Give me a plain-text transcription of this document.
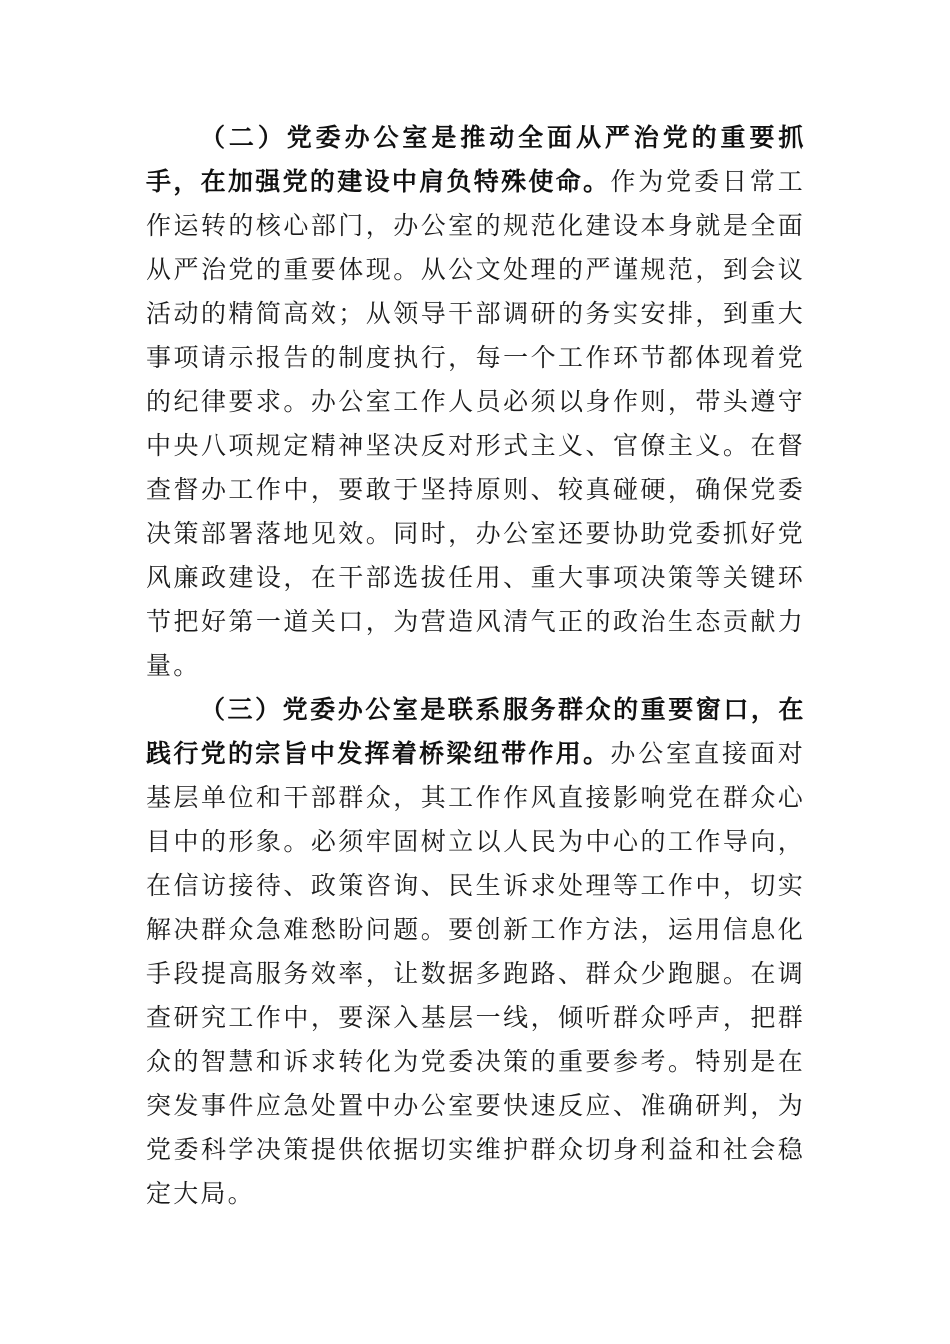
（二）党委办公室是推动全面从严治党的重要抓手，在加强党的建设中肩负特殊使命。作为党委日常工作运转的核心部门，办公室的规范化建设本身就是全面从严治党的重要体现。从公文处理的严谨规范，到会议活动的精简高效；从领导干部调研的务实安排，到重大事项请示报告的制度执行，每一个工作环节都体现着党的纪律要求。办公室工作人员必须以身作则，带头遵守中央八项规定精神坚决反对形式主义、官僚主义。在督查督办工作中，要敢于坚持原则、较真碰硬，确保党委决策部署落地见效。同时，办公室还要协助党委抓好党风廉政建设，在干部选拔任用、重大事项决策等关键环节把好第一道关口，为营造风清气正的政治生态贡献力量。

（三）党委办公室是联系服务群众的重要窗口，在践行党的宗旨中发挥着桥梁纽带作用。办公室直接面对基层单位和干部群众，其工作作风直接影响党在群众心目中的形象。必须牢固树立以人民为中心的工作导向，在信访接待、政策咨询、民生诉求处理等工作中，切实解决群众急难愁盼问题。要创新工作方法，运用信息化手段提高服务效率，让数据多跑路、群众少跑腿。在调查研究工作中，要深入基层一线，倾听群众呼声，把群众的智慧和诉求转化为党委决策的重要参考。特别是在突发事件应急处置中办公室要快速反应、准确研判，为党委科学决策提供依据切实维护群众切身利益和社会稳定大局。
